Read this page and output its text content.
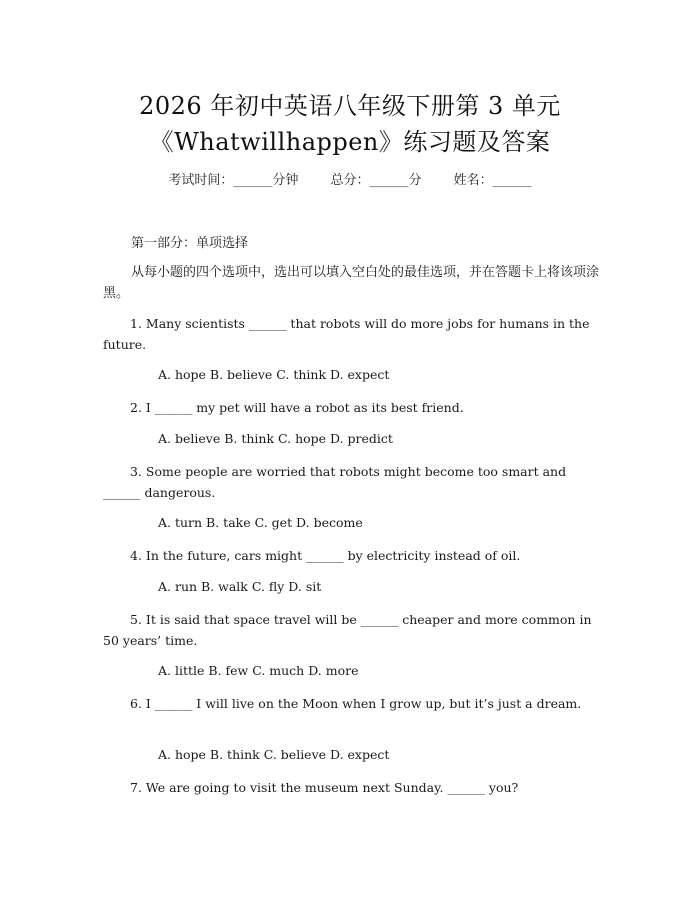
2026 年初中英语八年级下册第 3 单元
《Whatwillhappen》练习题及答案
考试时间：______分钟 总分：______分 姓名：______
第一部分：单项选择
从每小题的四个选项中，选出可以填入空白处的最佳选项，并在答题卡上将该项涂黑。
1. Many scientists ______ that robots will do more jobs for humans in the future.
A. hope B. believe C. think D. expect
2. I ______ my pet will have a robot as its best friend.
A. believe B. think C. hope D. predict
3. Some people are worried that robots might become too smart and ______ dangerous.
A. turn B. take C. get D. become
4. In the future, cars might ______ by electricity instead of oil.
A. run B. walk C. fly D. sit
5. It is said that space travel will be ______ cheaper and more common in 50 years’ time.
A. little B. few C. much D. more
6. I ______ I will live on the Moon when I grow up, but it’s just a dream.
A. hope B. think C. believe D. expect
7. We are going to visit the museum next Sunday. ______ you?
